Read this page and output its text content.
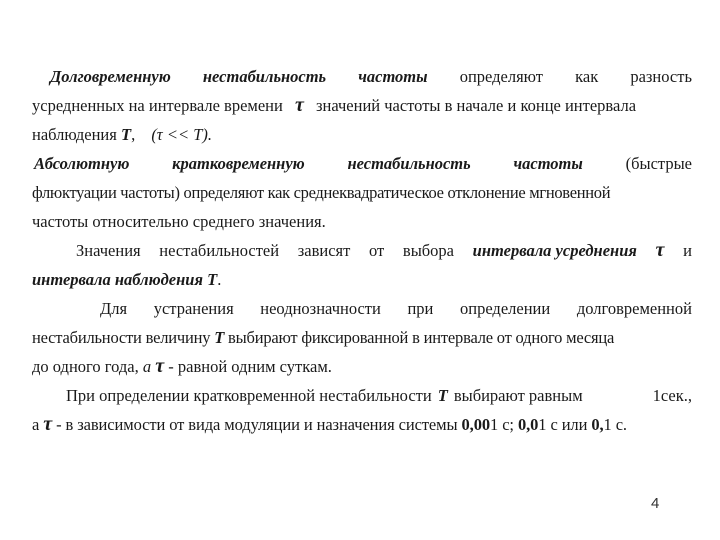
Долговременную нестабильность частоты определяют как разность
усредненных на интервале времени τ значений частоты в начале и конце интервала
наблюдения T, (τ << T).
Абсолютную	кратковременную	нестабильность	частоты	(быстрые
флюктуации частоты) определяют как среднеквадратическое отклонение мгновенной
частоты относительно среднего значения.
Значения нестабильностей зависят от выбора интервала усреднения τ и
интервала наблюдения T.
Для устранения неоднозначности при определении долговременной
нестабильности величину T выбирают фиксированной в интервале от одного месяца
до одного года, а τ - равной одним суткам.
При определении кратковременной нестабильности T выбирают равным	1сек.,
а τ - в зависимости от вида модуляции и назначения системы 0,001 с; 0,01 с или 0,1 с.
4
